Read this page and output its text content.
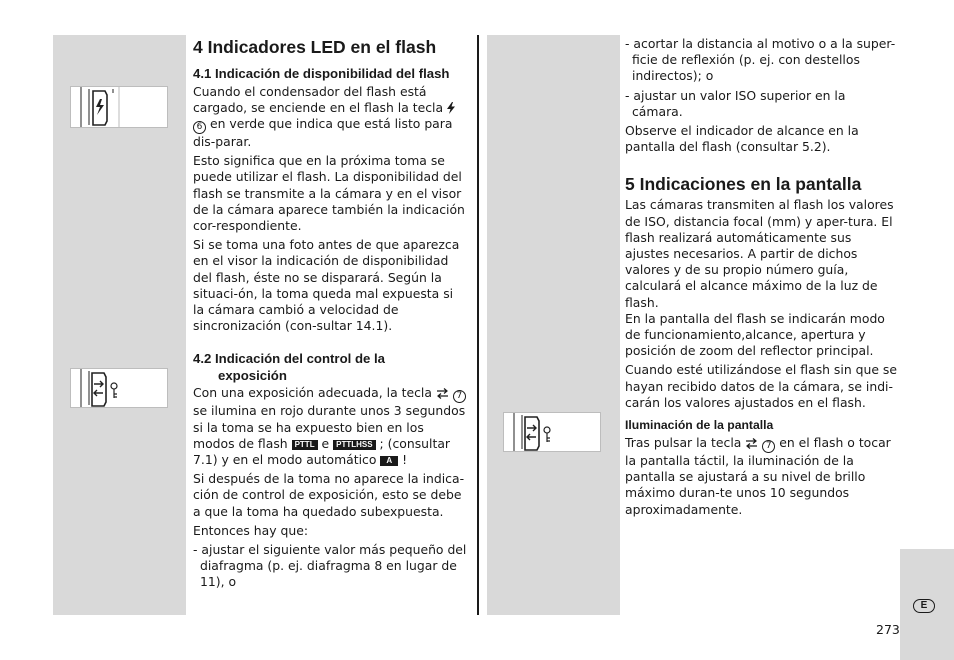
4 Indicadores LED en el flash
4.1 Indicación de disponibilidad del flash

Cuando el condensador del flash está cargado, se enciende en el flash la tecla  6 en verde que indica que está listo para dis-parar.

Esto significa que en la próxima toma se puede utilizar el flash. La disponibilidad del flash se transmite a la cámara y en el visor de la cámara aparece también la indicación cor-respondiente.

Si se toma una foto antes de que aparezca en el visor la indicación de disponibilidad del flash, éste no se disparará. Según la situaci-ón, la toma queda mal expuesta si la cámara cambió a velocidad de sincronización (con-sultar 14.1).

4.2 Indicación del control de la
exposición

Con una exposición adecuada, la tecla	7 se ilumina en rojo durante unos 3 segundos si la toma se ha expuesto bien en los modos de flash PTTL e PTTLHSS ; (consultar 7.1) y en el modo automático A !

Si después de la toma no aparece la indica-ción de control de exposición, esto se debe a que la toma ha quedado subexpuesta.

Entonces hay que:

- ajustar el siguiente valor más pequeño del diafragma (p. ej. diafragma 8 en lugar de 11), o

- acortar la distancia al motivo o a la super-ficie de reflexión (p. ej. con destellos indirectos); o

- ajustar un valor ISO superior en la cámara.

Observe el indicador de alcance en la pantalla del flash (consultar 5.2).

5 Indicaciones en la pantalla

Las cámaras transmiten al flash los valores de ISO, distancia focal (mm) y aper-tura. El flash realizará automáticamente sus ajustes necesarios. A partir de dichos valores y de su propio número guía, calculará el alcance máximo de la luz de flash.

En la pantalla del flash se indicarán modo de funcionamiento,alcance, apertura y posición de zoom del reflector principal.

Cuando esté utilizándose el flash sin que se hayan recibido datos de la cámara, se indi-carán los valores ajustados en el flash.

Iluminación de la pantalla

Tras pulsar la tecla	7 en el flash o tocar la pantalla táctil, la iluminación de la pantalla se ajustará a su nivel de brillo máximo duran-te unos 10 segundos aproximadamente.

E
273
